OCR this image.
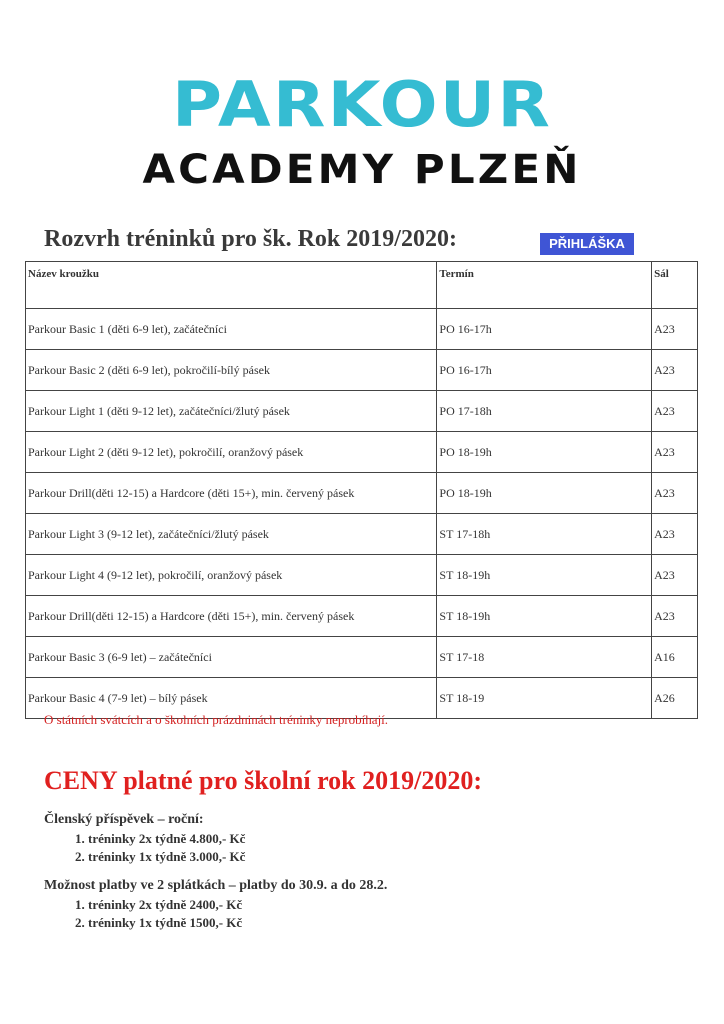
PARKOUR
ACADEMY PLZEŇ
Rozvrh tréninků pro šk. Rok 2019/2020:	PŘIHLÁŠKA
Název kroužku	Termín	Sál
Parkour Basic 1 (děti 6-9 let), začátečníci	PO 16-17h	A23
Parkour Basic 2 (děti 6-9 let), pokročilí-bílý pásek	PO 16-17h	A23
Parkour Light 1 (děti 9-12 let), začátečníci/žlutý pásek	PO 17-18h	A23
Parkour Light 2 (děti 9-12 let), pokročilí, oranžový pásek	PO 18-19h	A23
Parkour Drill(děti 12-15) a Hardcore (děti 15+), min. červený pásek	PO 18-19h	A23
Parkour Light 3 (9-12 let), začátečníci/žlutý pásek	ST 17-18h	A23
Parkour Light 4 (9-12 let), pokročilí, oranžový pásek	ST 18-19h	A23
Parkour Drill(děti 12-15) a Hardcore (děti 15+), min. červený pásek	ST 18-19h	A23
Parkour Basic 3 (6-9 let) – začátečníci	ST 17-18	A16
Parkour Basic 4 (7-9 let) – bílý pásek	ST 18-19	A26
O státních svátcích a o školních prázdninách tréninky neprobíhají.
CENY platné pro školní rok 2019/2020:
Členský příspěvek – roční:
1. tréninky 2x týdně 4.800,- Kč
2. tréninky 1x týdně 3.000,- Kč
Možnost platby ve 2 splátkách – platby do 30.9. a do 28.2.
1. tréninky 2x týdně 2400,- Kč
2. tréninky 1x týdně 1500,- Kč
